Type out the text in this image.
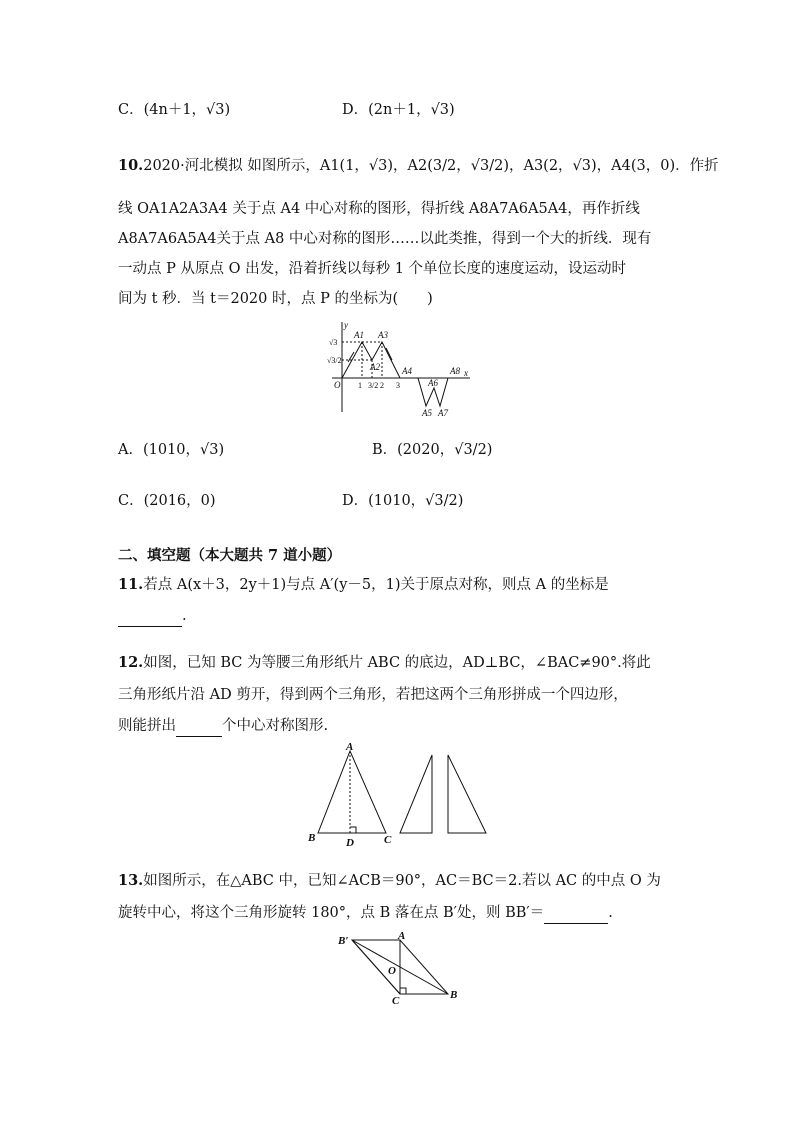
C．(4n＋1，√3)	D．(2n＋1，√3)
10.2020·河北模拟 如图所示，A1(1，√3)，A2(3/2，√3/2)，A3(2，√3)，A4(3，0)．作折
线 OA1A2A3A4 关于点 A4 中心对称的图形，得折线 A8A7A6A5A4，再作折线
A8A7A6A5A4关于点 A8 中心对称的图形……以此类推，得到一个大的折线．现有
一动点 P 从原点 O 出发，沿着折线以每秒 1 个单位长度的速度运动，设运动时
间为 t 秒．当 t＝2020 时，点 P 的坐标为(　　)
y
x
O
A1
A2
A3
A4
A5
A6
A7
A8
1 3/2 2 3
√3
√3/2
A．(1010，√3)	B．(2020，√3/2)
C．(2016，0)	D．(1010，√3/2)
二、填空题（本大题共 7 道小题）
11.若点 A(x＋3，2y＋1)与点 A′(y－5，1)关于原点对称，则点 A 的坐标是
.
12.如图，已知 BC 为等腰三角形纸片 ABC 的底边，AD⊥BC，∠BAC≠90°.将此
三角形纸片沿 AD 剪开，得到两个三角形，若把这两个三角形拼成一个四边形，
则能拼出	个中心对称图形.
A
B	C
D
13.如图所示，在△ABC 中，已知∠ACB＝90°，AC＝BC＝2.若以 AC 的中点 O 为
旋转中心，将这个三角形旋转 180°，点 B 落在点 B′处，则 BB′＝	.
B′	A
O
C	B
